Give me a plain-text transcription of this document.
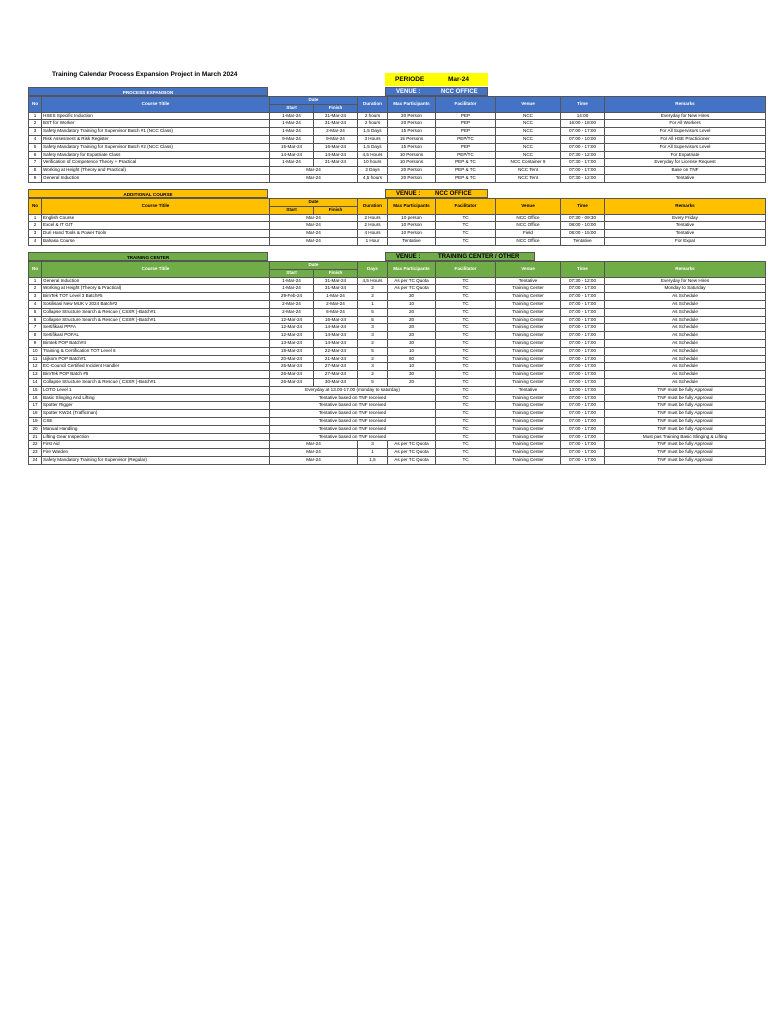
Training Calendar Process Expansion Project in March 2024
PERIODE	Mar-24
PROCESS EXPANSION	VENUE :	NCC OFFICE
No	Course Titile	Date		Duration	Max Participants	Facilitator	Venue	Time	Remarks
		Start	Finish						
1	HSES Specific Induction	1-Mar-24	31-Mar-24	2 hours	20 Person	PEP	NCC	14:00	Everyday for New Hires
2	BST for Worker	1-Mar-24	31-Mar-24	2 hours	20 Person	PEP	NCC	16:00 - 18:00	For All Workers
3	Safety Mandatory Training for Supervisor Batch #1 (NCC Class)	1-Mar-24	2-Mar-24	1,5 Days	15 Person	PEP	NCC	07:00 - 17:00	For All Supervisors Level
4	Risk Assesment & Risk Register	9-Mar-24	9-Mar-24	3 Hours	15 Persons	PEP/TC	NCC	07:00 - 10:00	For All HSE Practicioner
5	Safety Mandatory Training for Supervisor Batch #2 (NCC Class)	15-Mar-24	16-Mar-24	1,5 Days	15 Person	PEP	NCC	07:00 - 17:00	For All Supervisors Level
6	Safety Mandatory for Expatriate Class	14-Mar-24	14-Mar-24	4,5 Hours	10 Persons	PEP/TC	NCC	07:30 - 12:00	For Expatriate
7	Verification of Competence Theory + Practical	1-Mar-24	31-Mar-24	10 hours	10 Persons	PEP & TC	NCC Container 9	07:30 - 17:00	Everyday for License Request
8	Working at Height (Theory and Practical)	Mar-24		2 Days	20 Person	PEP & TC	NCC Tent	07:00 - 17:00	Base on TNF
9	General Induction	Mar-24		4,5 hours	20 Person	PEP & TC	NCC Tent	07:30 - 12:00	Tentative
ADDITIONAL COURSE	VENUE : NCC OFFICE
No	Course Titile	Date		Duration	Max Participants	Facilitator	Venue	Time	Remarks
		Start	Finish						
1	English Course	Mar-24		2 Hours	10 person	TC	NCC Office	07:30 - 09:30	Every Friday
2	Excel & IT GIT	Mar-24		2 Hours	10 Person	TC	NCC Office	08:00 - 10:00	Tentative
3	Duri Hand Tools & Power Tools	Mar-24		4 Hours	10 Person	TC	Field	08:00 - 15:00	Tentative
4	Bahasa Course	Mar-24		1 Hour	Tentative	TC	NCC Office	Tentative	For Expat
TRAINING CENTER	VENUE :	TRAINING CENTER / OTHER
No	Course Titile	Date		Days	Max Participants	Facilitator	Venue	Time	Remarks
		Start	Finish						
1	General Induction	1-Mar-24	31-Mar-24	4,5 Hours	As per TC Quota	TC	Tentative	07:30 - 12:00	Everyday for New Hires
2	Working at Height (Theory & Practical)	1-Mar-24	31-Mar-24	2	As per TC Quota	TC	Training Center	07:00 - 17:00	Monday to Saturday
3	BimTek TOT Level 3 Batch#5	29-Feb-24	1-Mar-24	2	30	TC	Training Center	07:00 - 17:00	As Schedule
4	Sosilisasi New MUK v 2024 Batch#2	2-Mar-24	2-Mar-24	1	10	TC	Training Center	07:00 - 17:00	As Schedule
5	Collapse Structure Search & Rescue ( CSSR )-Batch#1	2-Mar-24	6-Mar-24	5	20	TC	Training Center	07:00 - 17:00	As Schedule
6	Collapse Structure Search & Rescue ( CSSR )-Batch#1	12-Mar-24	16-Mar-24	5	20	TC	Training Center	07:00 - 17:00	As Schedule
7	Sertifikasi PPFA	12-Mar-24	14-Mar-24	3	20	TC	Training Center	07:00 - 17:00	As Schedule
8	Sertifikasi POFAL	12-Mar-24	14-Mar-24	3	20	TC	Training Center	07:00 - 17:00	As Schedule
9	Bimtek POP Batch#4	13-Mar-24	14-Mar-24	2	30	TC	Training Center	07:00 - 17:00	As Schedule
10	Training & Certification TOT Level 6	18-Mar-24	22-Mar-24	5	10	TC	Training Center	07:00 - 17:00	As Schedule
11	Uijkom POP Batch#1	20-Mar-24	21-Mar-24	2	60	TC	Training Center	07:00 - 17:00	As Schedule
12	EC-Council Certified Incident Handler	25-Mar-24	27-Mar-24	3	10	TC	Training Center	07:00 - 17:00	As Schedule
13	BimTek POP Batch #5	26-Mar-24	27-Mar-24	2	30	TC	Training Center	07:00 - 17:00	As Schedule
14	Collapse Structure Search & Rescue ( CSSR )-Batch#1	26-Mar-24	30-Mar-24	5	20	TC	Training Center	07:00 - 17:00	As Schedule
15	LOTO Level 1	Everyday at 13.00-17.00 (monday to saturday)				TC	Tentative	13:00 - 17:00	TNF must be fully Approval
16	Basic Slinging And Lifting	Tentative based on TNF received				TC	Training Center	07:00 - 17:00	TNF must be fully Approval
17	Spotter Rigger	Tentative based on TNF received				TC	Training Center	07:00 - 17:00	TNF must be fully Approval
18	Spotter KW24 (Trafficman)	Tentative based on TNF received				TC	Training Center	07:00 - 17:00	TNF must be fully Approval
19	CSE	Tentative based on TNF received				TC	Training Center	07:00 - 17:00	TNF must be fully Approval
20	Manual Handling	Tentative based on TNF received				TC	Training Center	07:00 - 17:00	TNF must be fully Approval
21	Lifting Gear Inspection	Tentative based on TNF received				TC	Training Center	07:00 - 17:00	Must pas Training Basic Slinging & Lifting
22	First Aid	Mar-24		3	As per TC Quota	TC	Training Center	07:00 - 17:00	TNF must be fully Approval
23	Fire Warden	Mar-24		1	As per TC Quota	TC	Training Center	07:00 - 17:00	TNF must be fully Approval
24	Safety Mandatory Training for Supervisor (Regular)	Mar-24		1,5	As per TC Quota	TC	Training Center	07:00 - 17:00	TNF must be fully Approval
